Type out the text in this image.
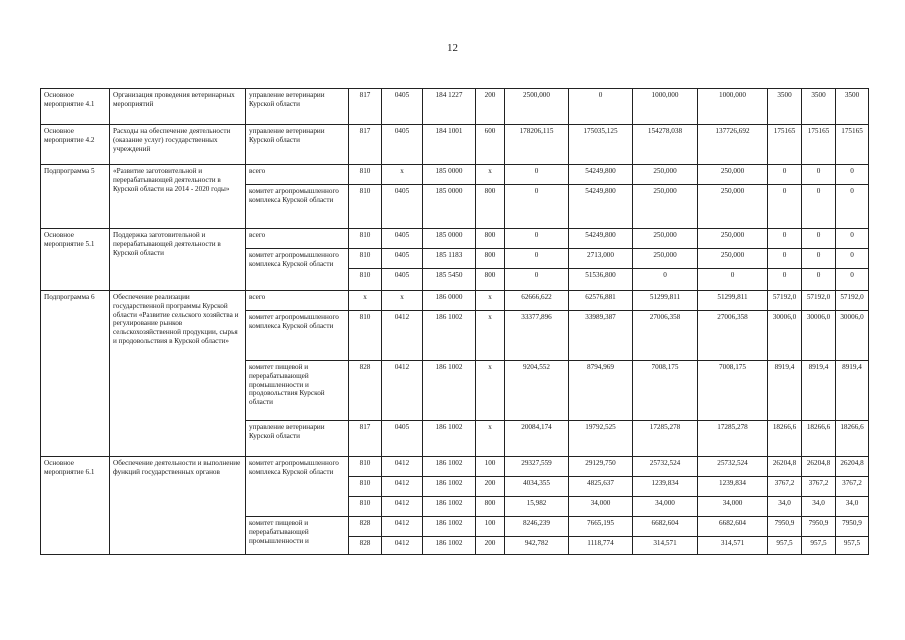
12
Основное мероприятие 4.1	Организация проведения ветеринарных мероприятий	управление ветеринарии Курской области	817	0405	184 1227	200	2500,000	0	1000,000	1000,000	3500	3500	3500
Основное мероприятие 4.2	Расходы на обеспечение деятельности (оказание услуг) государственных учреждений	управление ветеринарии Курской области	817	0405	184 1001	600	178206,115	175035,125	154278,038	137726,692	175165	175165	175165
Подпрограмма 5	«Развитие заготовительной и перерабатывающей деятельности в Курской области на 2014 - 2020 годы»	всего	810	х	185 0000	х	0	54249,800	250,000	250,000	0	0	0
		комитет агропромышленного комплекса Курской области	810	0405	185 0000	800	0	54249,800	250,000	250,000	0	0	0
Основное мероприятие 5.1	Поддержка заготовительной и перерабатывающей деятельности в Курской области	всего	810	0405	185 0000	800	0	54249,800	250,000	250,000	0	0	0
		комитет агропромышленного комплекса Курской области	810	0405	185 1183	800	0	2713,000	250,000	250,000	0	0	0
			810	0405	185 5450	800	0	51536,800	0	0	0	0	0
Подпрограмма 6	Обеспечение реализации государственной программы Курской области «Развитие сельского хозяйства и регулирование рынков сельскохозяйственной продукции, сырья и продовольствия в Курской области»	всего	х	х	186 0000	х	62666,622	62576,881	51299,811	51299,811	57192,0	57192,0	57192,0
		комитет агропромышленного комплекса Курской области	810	0412	186 1002	х	33377,896	33989,387	27006,358	27006,358	30006,0	30006,0	30006,0
		комитет пищевой и перерабатывающей промышленности и продовольствия Курской области	828	0412	186 1002	х	9204,552	8794,969	7008,175	7008,175	8919,4	8919,4	8919,4
		управление ветеринарии Курской области	817	0405	186 1002	х	20084,174	19792,525	17285,278	17285,278	18266,6	18266,6	18266,6
Основное мероприятие 6.1	Обеспечение деятельности и выполнение функций государственных органов	комитет агропромышленного комплекса Курской области	810	0412	186 1002	100	29327,559	29129,750	25732,524	25732,524	26204,8	26204,8	26204,8
			810	0412	186 1002	200	4034,355	4825,637	1239,834	1239,834	3767,2	3767,2	3767,2
			810	0412	186 1002	800	15,982	34,000	34,000	34,000	34,0	34,0	34,0
		комитет пищевой и перерабатывающей промышленности и	828	0412	186 1002	100	8246,239	7665,195	6682,604	6682,604	7950,9	7950,9	7950,9
			828	0412	186 1002	200	942,782	1118,774	314,571	314,571	957,5	957,5	957,5
